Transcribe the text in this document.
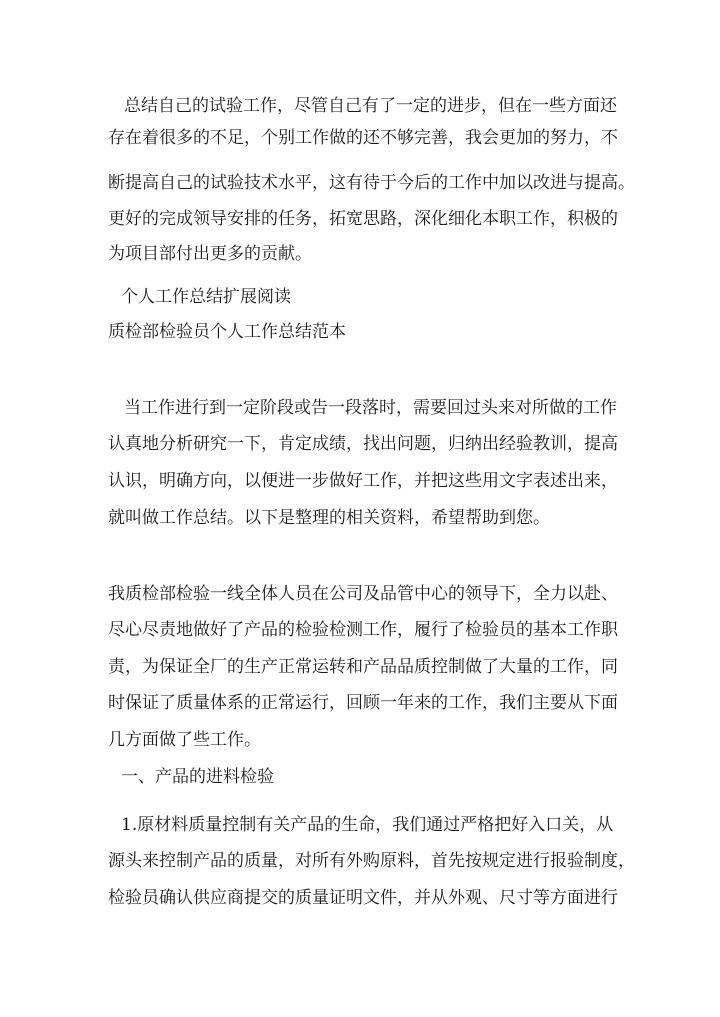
总结自己的试验工作，尽管自己有了一定的进步，但在一些方面还
存在着很多的不足，个别工作做的还不够完善，我会更加的努力，不
断提高自己的试验技术水平，这有待于今后的工作中加以改进与提高。
更好的完成领导安排的任务，拓宽思路，深化细化本职工作，积极的
为项目部付出更多的贡献。
个人工作总结扩展阅读
质检部检验员个人工作总结范本
当工作进行到一定阶段或告一段落时，需要回过头来对所做的工作
认真地分析研究一下，肯定成绩，找出问题，归纳出经验教训，提高
认识，明确方向，以便进一步做好工作，并把这些用文字表述出来，
就叫做工作总结。以下是整理的相关资料，希望帮助到您。
我质检部检验一线全体人员在公司及品管中心的领导下，全力以赴、
尽心尽责地做好了产品的检验检测工作，履行了检验员的基本工作职
责，为保证全厂的生产正常运转和产品品质控制做了大量的工作，同
时保证了质量体系的正常运行，回顾一年来的工作，我们主要从下面
几方面做了些工作。
一、产品的进料检验
1.原材料质量控制有关产品的生命，我们通过严格把好入口关，从
源头来控制产品的质量，对所有外购原料，首先按规定进行报验制度，
检验员确认供应商提交的质量证明文件，并从外观、尺寸等方面进行
